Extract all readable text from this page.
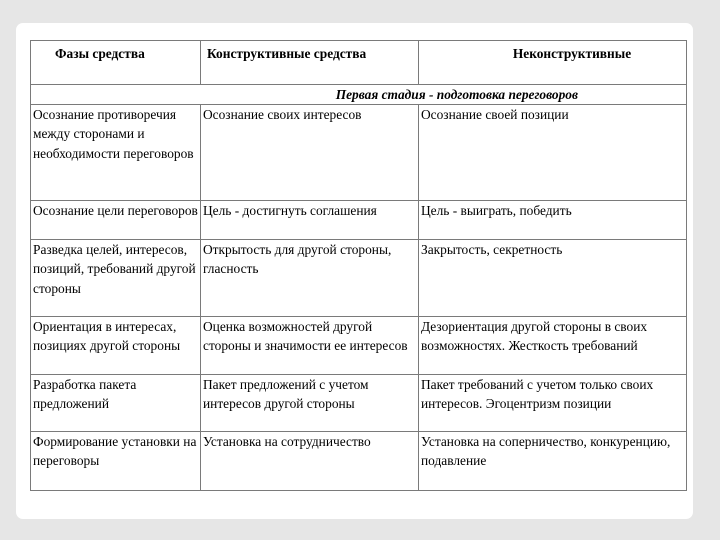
Фазы средства	Конструктивные средства	Неконструктивные
	Первая стадия - подготовка переговоров	
Осознание противоречия между сторонами и необходимости переговоров	Осознание своих интересов	Осознание своей позиции
Осознание цели переговоров	Цель - достигнуть соглашения	Цель - выиграть, победить
Разведка целей, интересов, позиций, требований другой стороны	Открытость для другой стороны, гласность	Закрытость, секретность
Ориентация в интересах, позициях другой стороны	Оценка возможностей другой стороны и значимости ее интересов	Дезориентация другой стороны в своих возможностях. Жесткость требований
Разработка пакета предложений	Пакет предложений с учетом интересов другой стороны	Пакет требований с учетом только своих интересов. Эгоцентризм позиции
Формирование установки на переговоры	Установка на сотрудничество	Установка на соперничество, конкуренцию, подавление
